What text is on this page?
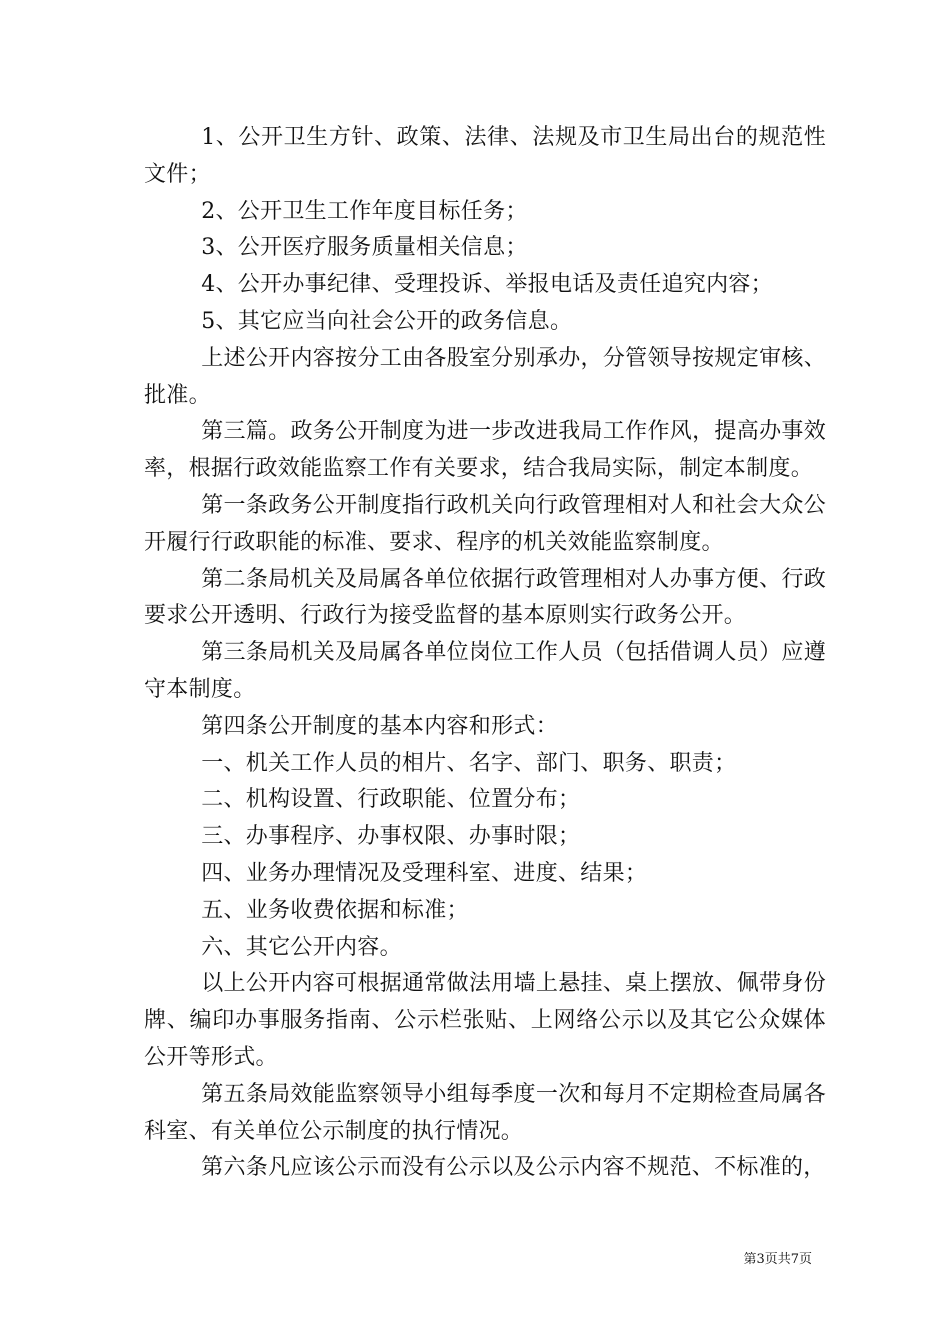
1、公开卫生方针、政策、法律、法规及市卫生局出台的规范性文件；

2、公开卫生工作年度目标任务；

3、公开医疗服务质量相关信息；

4、公开办事纪律、受理投诉、举报电话及责任追究内容；

5、其它应当向社会公开的政务信息。

上述公开内容按分工由各股室分别承办，分管领导按规定审核、批准。

第三篇。政务公开制度为进一步改进我局工作作风，提高办事效率，根据行政效能监察工作有关要求，结合我局实际，制定本制度。

第一条政务公开制度指行政机关向行政管理相对人和社会大众公开履行行政职能的标准、要求、程序的机关效能监察制度。

第二条局机关及局属各单位依据行政管理相对人办事方便、行政要求公开透明、行政行为接受监督的基本原则实行政务公开。

第三条局机关及局属各单位岗位工作人员（包括借调人员）应遵守本制度。

第四条公开制度的基本内容和形式：

一、机关工作人员的相片、名字、部门、职务、职责；

二、机构设置、行政职能、位置分布；

三、办事程序、办事权限、办事时限；

四、业务办理情况及受理科室、进度、结果；

五、业务收费依据和标准；

六、其它公开内容。

以上公开内容可根据通常做法用墙上悬挂、桌上摆放、佩带身份牌、编印办事服务指南、公示栏张贴、上网络公示以及其它公众媒体公开等形式。

第五条局效能监察领导小组每季度一次和每月不定期检查局属各科室、有关单位公示制度的执行情况。

第六条凡应该公示而没有公示以及公示内容不规范、不标准的，

第3页共7页
